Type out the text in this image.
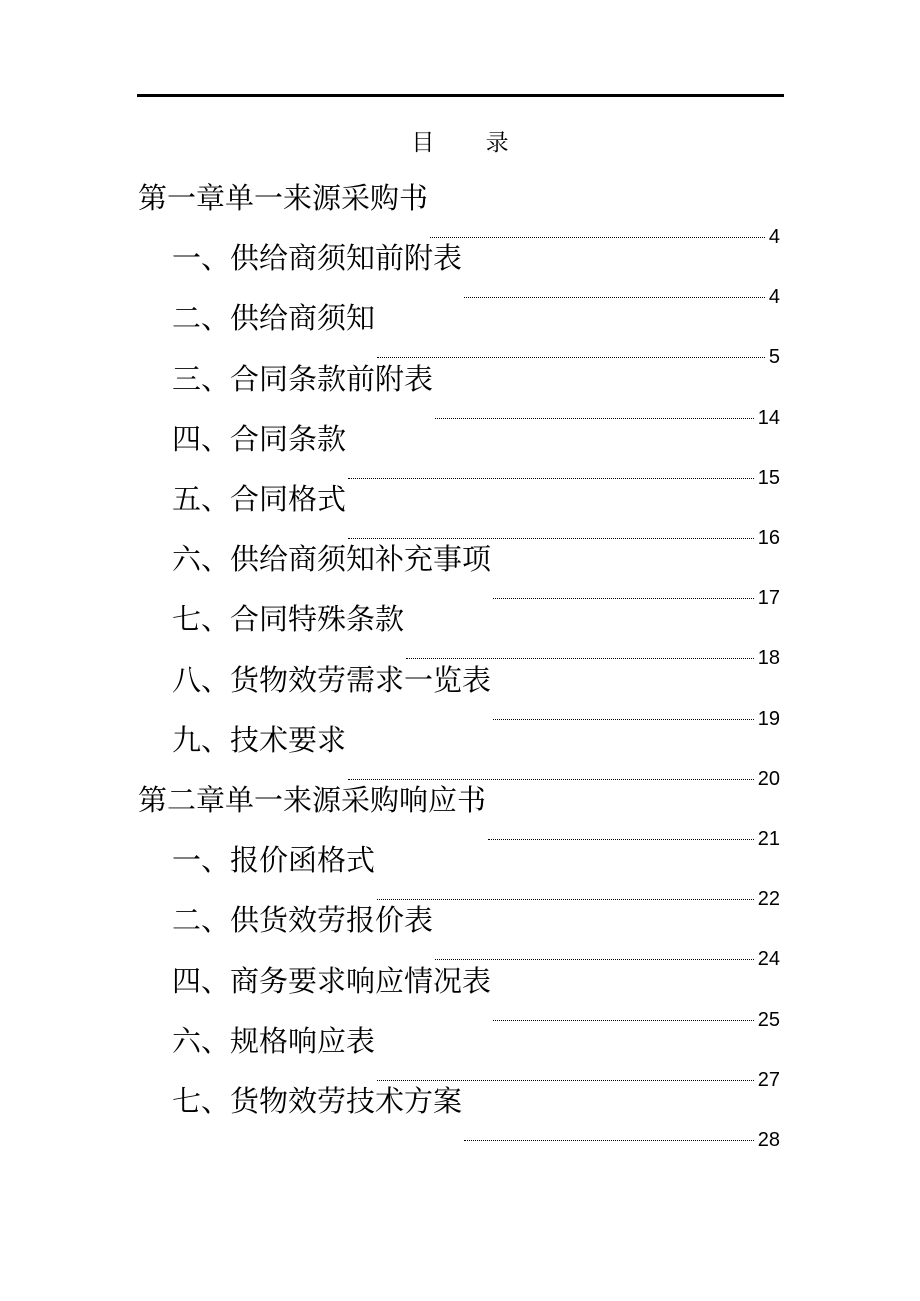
目 录
第一章单一来源采购书
4
一、供给商须知前附表
4
二、供给商须知
5
三、合同条款前附表
14
四、合同条款
15
五、合同格式
16
六、供给商须知补充事项
17
七、合同特殊条款
18
八、货物效劳需求一览表
19
九、技术要求
20
第二章单一来源采购响应书
21
一、报价函格式
22
二、供货效劳报价表
24
四、商务要求响应情况表
25
六、规格响应表
27
七、货物效劳技术方案
28
